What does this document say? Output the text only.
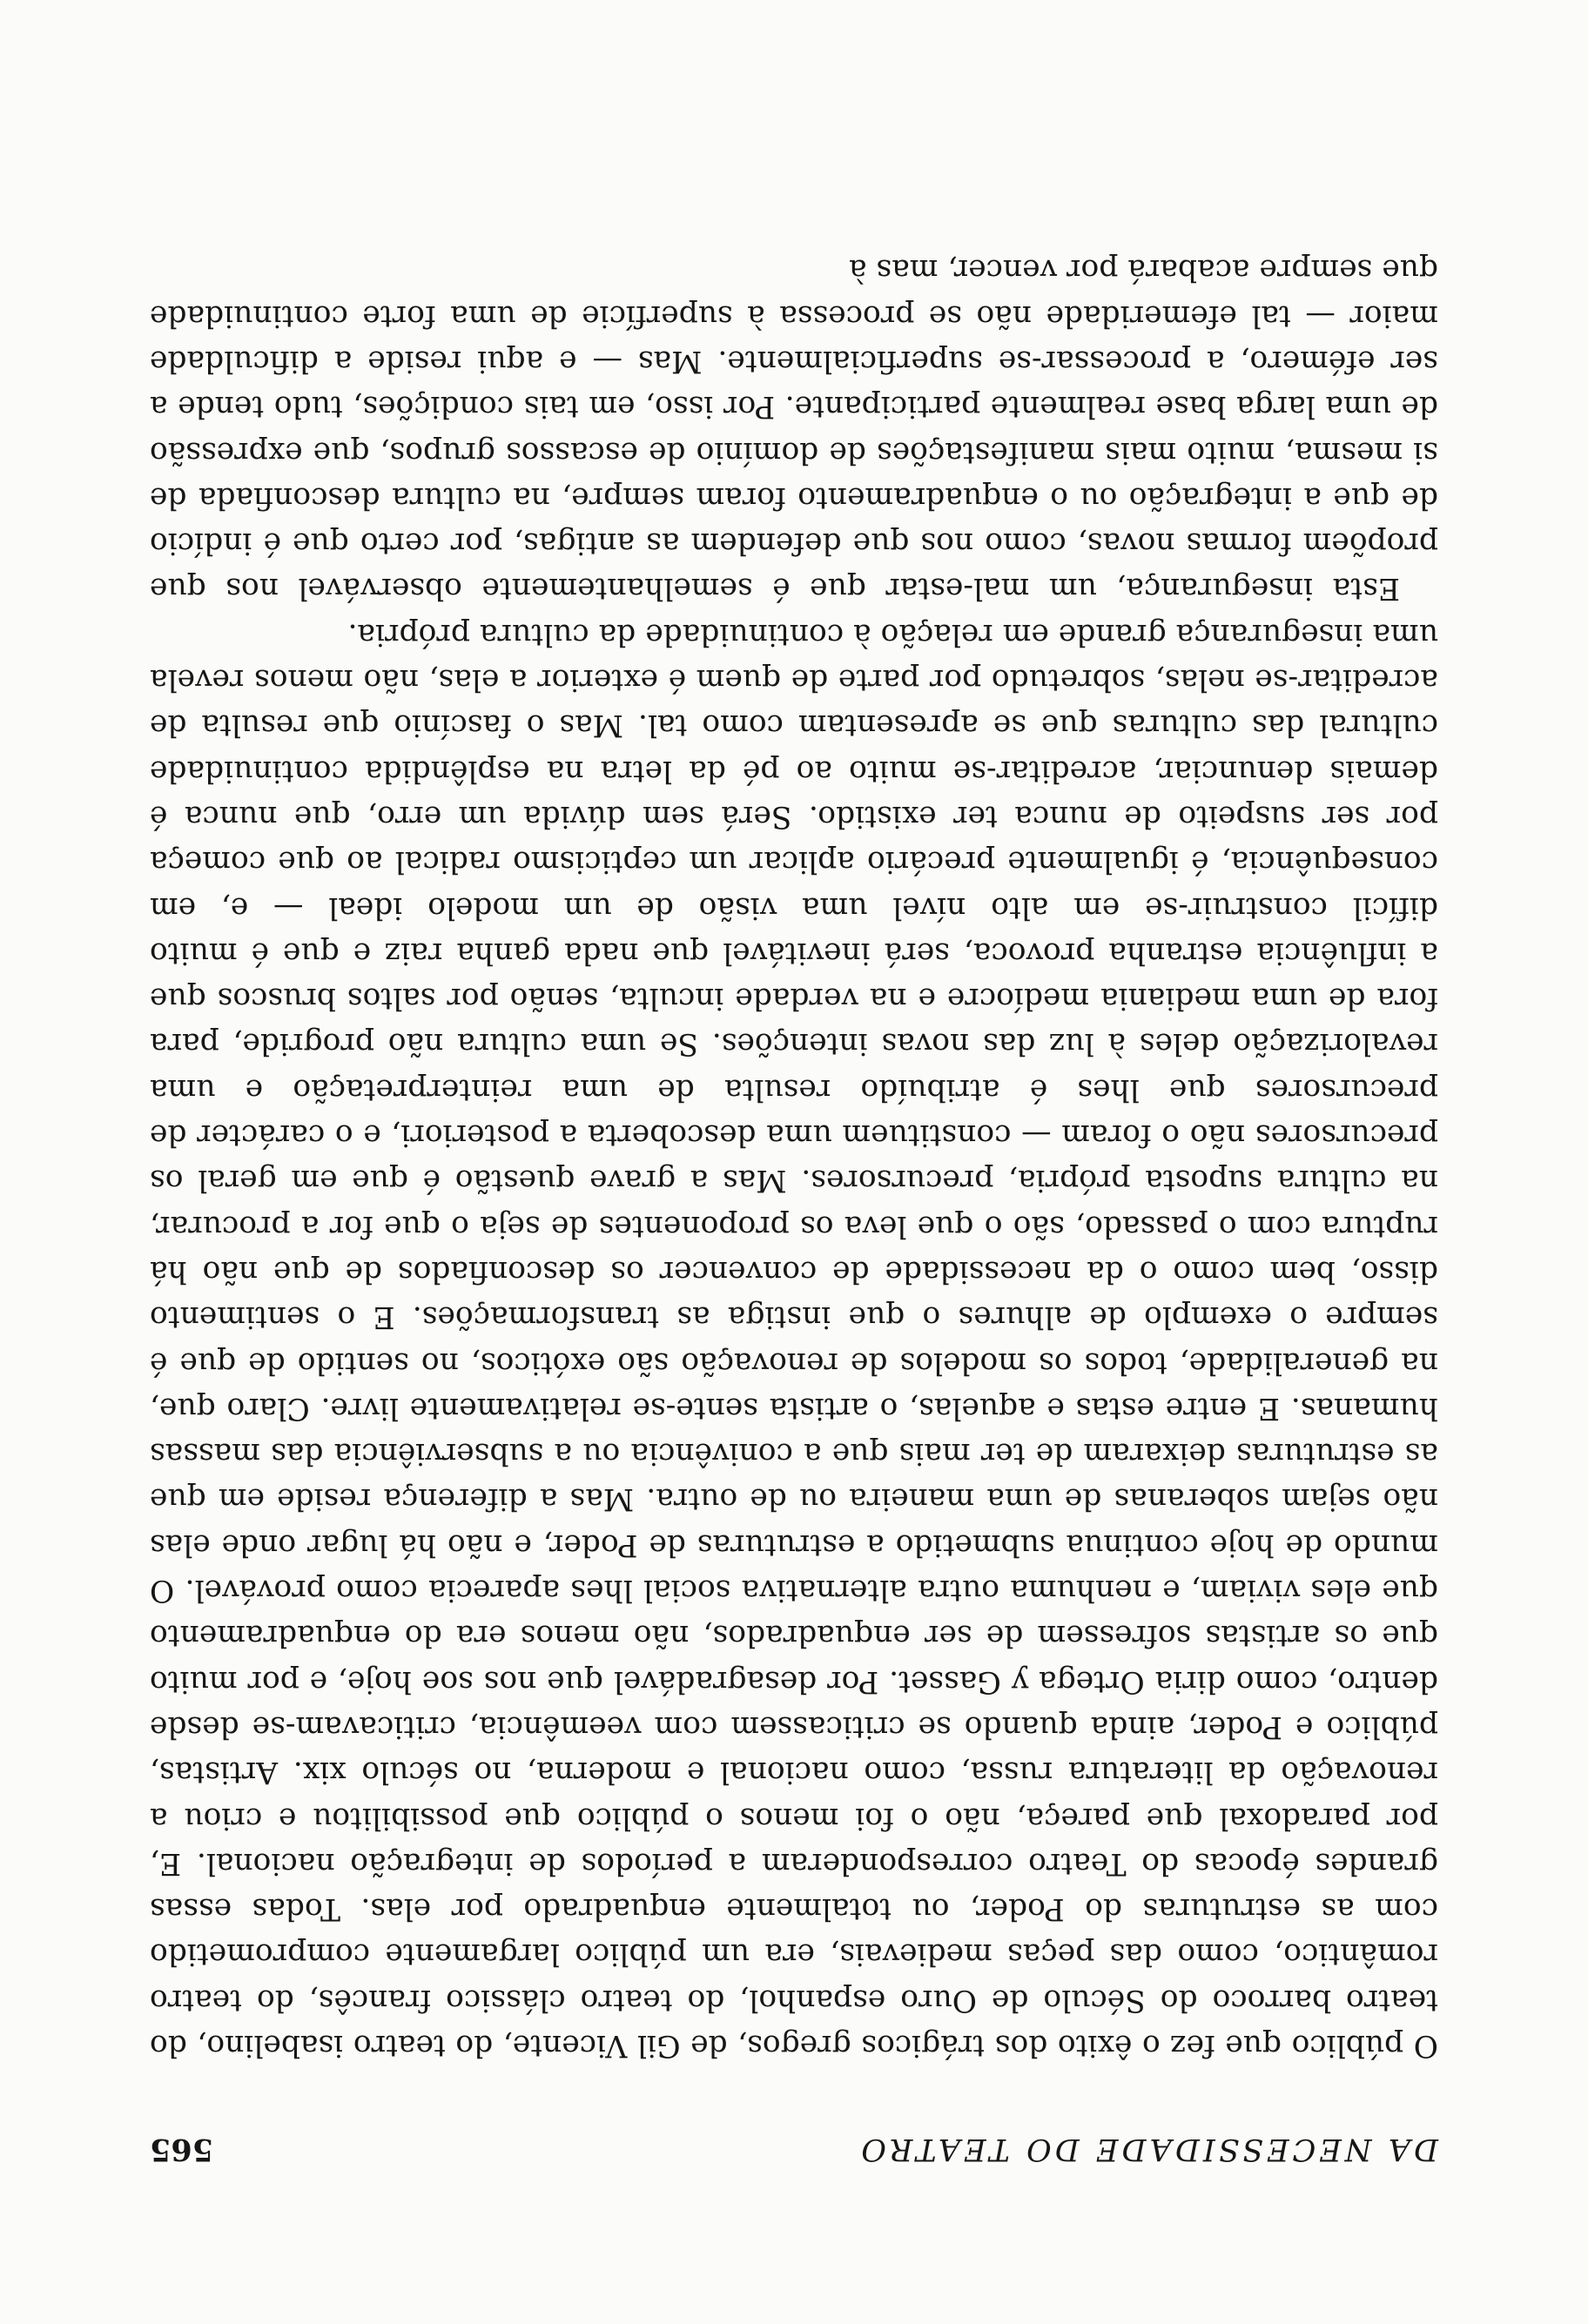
DA NECESSIDADE DO TEATRO
565

O público que fez o êxito dos trágicos gregos, de Gil Vicente, do teatro isabelino, do teatro barroco do Século de Ouro espanhol, do teatro clássico francês, do teatro romântico, como das peças medievais, era um público largamente comprometido com as estruturas do Poder, ou totalmente enquadrado por elas. Todas essas grandes épocas do Teatro corresponderam a períodos de integração nacional. E, por paradoxal que pareça, não o foi menos o público que possibilitou e criou a renovação da literatura russa, como nacional e moderna, no século xix. Artistas, público e Poder, ainda quando se criticassem com veemência, criticavam-se desde dentro, como diria Ortega y Gasset. Por desagradável que nos soe hoje, e por muito que os artistas sofressem de ser enquadrados, não menos era do enquadramento que eles viviam, e nenhuma outra alternativa social lhes aparecia como provável. O mundo de hoje continua submetido a estruturas de Poder, e não há lugar onde elas não sejam soberanas de uma maneira ou de outra. Mas a diferença reside em que as estruturas deixaram de ter mais que a conivência ou a subserviência das massas humanas. E entre estas e aquelas, o artista sente-se relativamente livre. Claro que, na generalidade, todos os modelos de renovação são exóticos, no sentido de que é sempre o exemplo de alhures o que instiga as transformações. E o sentimento disso, bem como o da necessidade de convencer os desconfiados de que não há ruptura com o passado, são o que leva os proponentes de seja o que for a procurar, na cultura suposta própria, precursores. Mas a grave questão é que em geral os precursores não o foram — constituem uma descoberta a posteriori, e o carácter de precursores que lhes é atribuído resulta de uma reinterpretação e uma revalorização deles à luz das novas intenções. Se uma cultura não progride, para fora de uma mediania medíocre e na verdade inculta, senão por saltos bruscos que a influência estranha provoca, será inevitável que nada ganha raiz e que é muito difícil construir-se em alto nível uma visão de um modelo ideal — e, em consequência, é igualmente precário aplicar um cepticismo radical ao que começa por ser suspeito de nunca ter existido. Será sem dúvida um erro, que nunca é demais denunciar, acreditar-se muito ao pé da letra na esplêndida continuidade cultural das culturas que se apresentam como tal. Mas o fascínio que resulta de acreditar-se nelas, sobretudo por parte de quem é exterior a elas, não menos revela uma insegurança grande em relação à continuidade da cultura própria.

Esta insegurança, um mal-estar que é semelhantemente observável nos que propõem formas novas, como nos que defendem as antigas, por certo que é indício de que a integração ou o enquadramento foram sempre, na cultura desconfiada de si mesma, muito mais manifestações de domínio de escassos grupos, que expressão de uma larga base realmente participante. Por isso, em tais condições, tudo tende a ser efémero, a processar-se superficialmente. Mas — e aqui reside a dificuldade maior — tal efemeridade não se processa à superfície de uma forte continuidade que sempre acabará por vencer, mas à
